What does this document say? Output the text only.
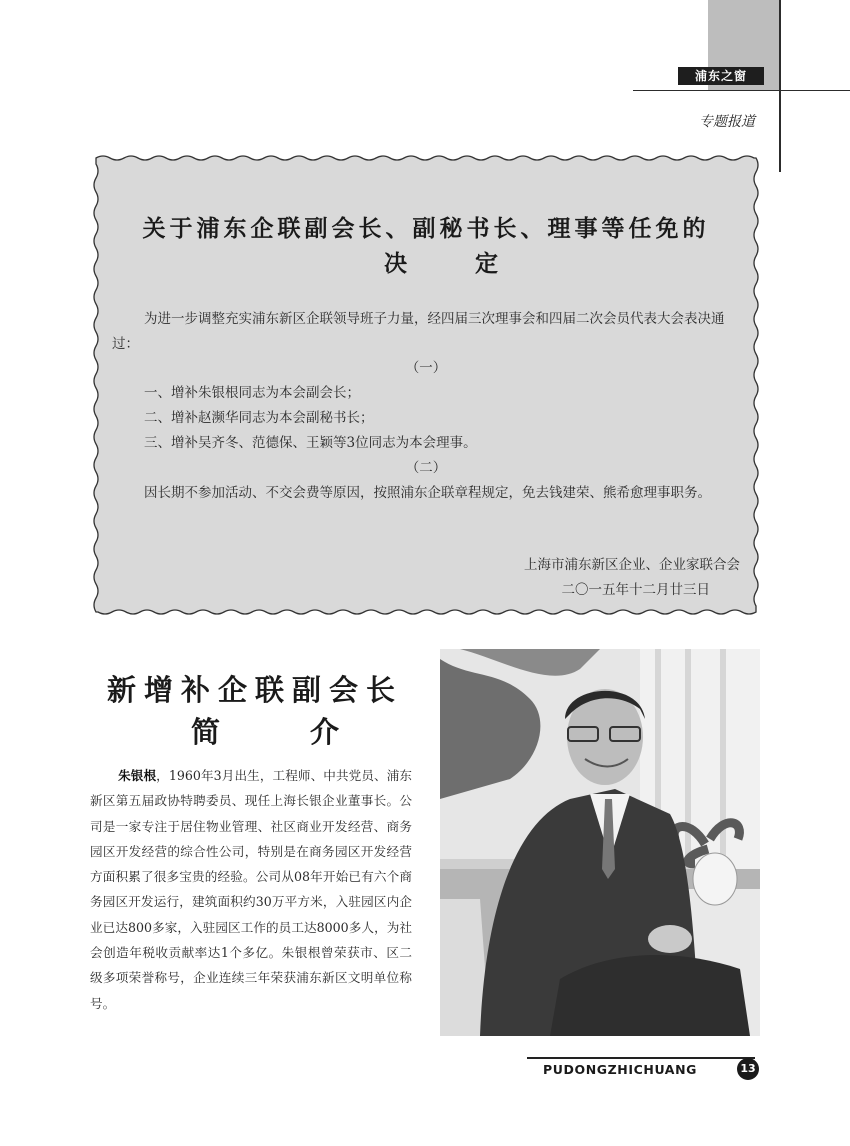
浦东之窗
专题报道
关于浦东企联副会长、副秘书长、理事等任免的
决 定
为进一步调整充实浦东新区企联领导班子力量，经四届三次理事会和四届二次会员代表大会表决通过：
（一）
一、增补朱银根同志为本会副会长；
二、增补赵濒华同志为本会副秘书长；
三、增补吴齐冬、范德保、王颖等3位同志为本会理事。
（二）
因长期不参加活动、不交会费等原因，按照浦东企联章程规定，免去钱建荣、熊希愈理事职务。
上海市浦东新区企业、企业家联合会
二〇一五年十二月廿三日
新增补企联副会长
简 介
朱银根，1960年3月出生，工程师、中共党员、浦东新区第五届政协特聘委员、现任上海长银企业董事长。公司是一家专注于居住物业管理、社区商业开发经营、商务园区开发经营的综合性公司，特别是在商务园区开发经营方面积累了很多宝贵的经验。公司从08年开始已有六个商务园区开发运行，建筑面积约30万平方米，入驻园区内企业已达800多家，入驻园区工作的员工达8000多人，为社会创造年税收贡献率达1个多亿。朱银根曾荣获市、区二级多项荣誉称号，企业连续三年荣获浦东新区文明单位称号。
PUDONGZHICHUANG	13
